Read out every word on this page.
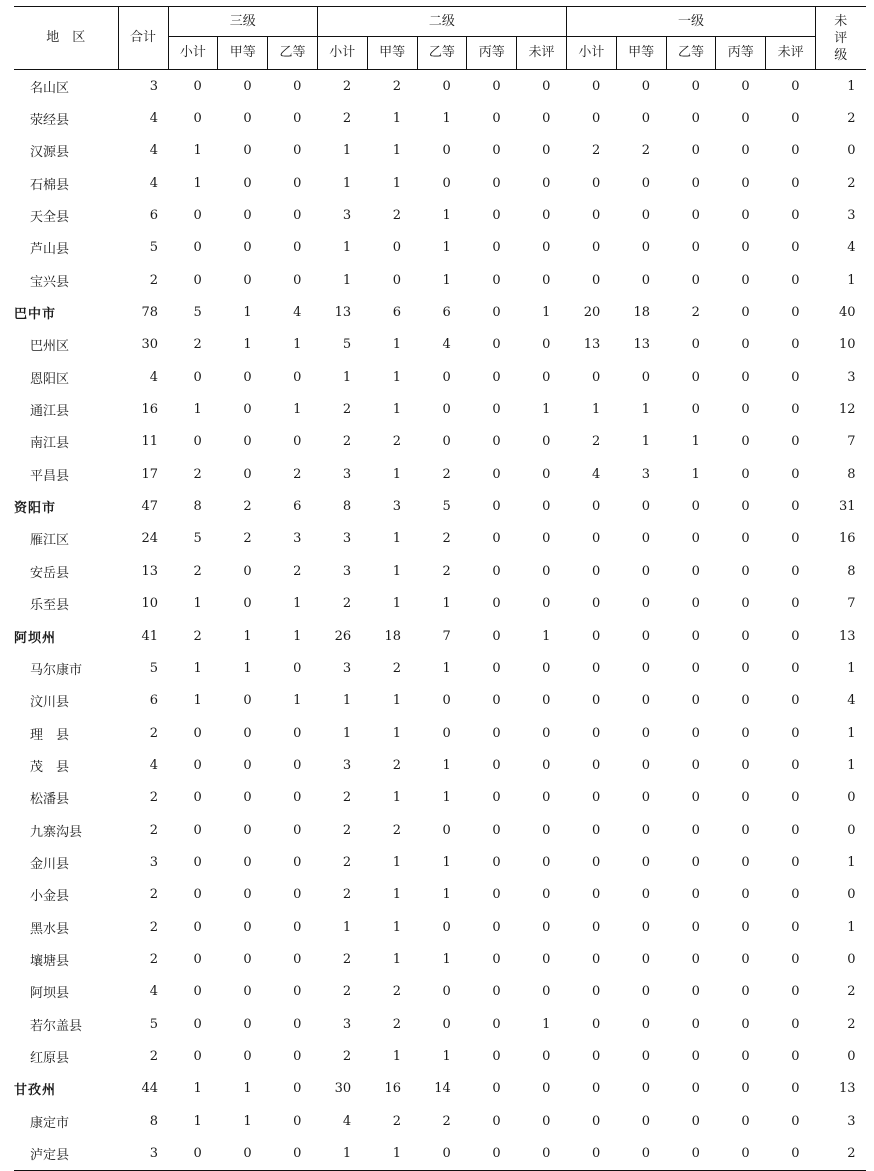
地　区	合计	三级			二级					一级					未
评
级

		小计	甲等	乙等	小计	甲等	乙等	丙等	未评	小计	甲等	乙等	丙等	未评	
名山区	3	0	0	0	2	2	0	0	0	0	0	0	0	0	1
荥经县	4	0	0	0	2	1	1	0	0	0	0	0	0	0	2
汉源县	4	1	0	0	1	1	0	0	0	2	2	0	0	0	0
石棉县	4	1	0	0	1	1	0	0	0	0	0	0	0	0	2
天全县	6	0	0	0	3	2	1	0	0	0	0	0	0	0	3
芦山县	5	0	0	0	1	0	1	0	0	0	0	0	0	0	4
宝兴县	2	0	0	0	1	0	1	0	0	0	0	0	0	0	1
巴中市	78	5	1	4	13	6	6	0	1	20	18	2	0	0	40
巴州区	30	2	1	1	5	1	4	0	0	13	13	0	0	0	10
恩阳区	4	0	0	0	1	1	0	0	0	0	0	0	0	0	3
通江县	16	1	0	1	2	1	0	0	1	1	1	0	0	0	12
南江县	11	0	0	0	2	2	0	0	0	2	1	1	0	0	7
平昌县	17	2	0	2	3	1	2	0	0	4	3	1	0	0	8
资阳市	47	8	2	6	8	3	5	0	0	0	0	0	0	0	31
雁江区	24	5	2	3	3	1	2	0	0	0	0	0	0	0	16
安岳县	13	2	0	2	3	1	2	0	0	0	0	0	0	0	8
乐至县	10	1	0	1	2	1	1	0	0	0	0	0	0	0	7
阿坝州	41	2	1	1	26	18	7	0	1	0	0	0	0	0	13
马尔康市	5	1	1	0	3	2	1	0	0	0	0	0	0	0	1
汶川县	6	1	0	1	1	1	0	0	0	0	0	0	0	0	4
理　县	2	0	0	0	1	1	0	0	0	0	0	0	0	0	1
茂　县	4	0	0	0	3	2	1	0	0	0	0	0	0	0	1
松潘县	2	0	0	0	2	1	1	0	0	0	0	0	0	0	0
九寨沟县	2	0	0	0	2	2	0	0	0	0	0	0	0	0	0
金川县	3	0	0	0	2	1	1	0	0	0	0	0	0	0	1
小金县	2	0	0	0	2	1	1	0	0	0	0	0	0	0	0
黑水县	2	0	0	0	1	1	0	0	0	0	0	0	0	0	1
壤塘县	2	0	0	0	2	1	1	0	0	0	0	0	0	0	0
阿坝县	4	0	0	0	2	2	0	0	0	0	0	0	0	0	2
若尔盖县	5	0	0	0	3	2	0	0	1	0	0	0	0	0	2
红原县	2	0	0	0	2	1	1	0	0	0	0	0	0	0	0
甘孜州	44	1	1	0	30	16	14	0	0	0	0	0	0	0	13
康定市	8	1	1	0	4	2	2	0	0	0	0	0	0	0	3
泸定县	3	0	0	0	1	1	0	0	0	0	0	0	0	0	2
